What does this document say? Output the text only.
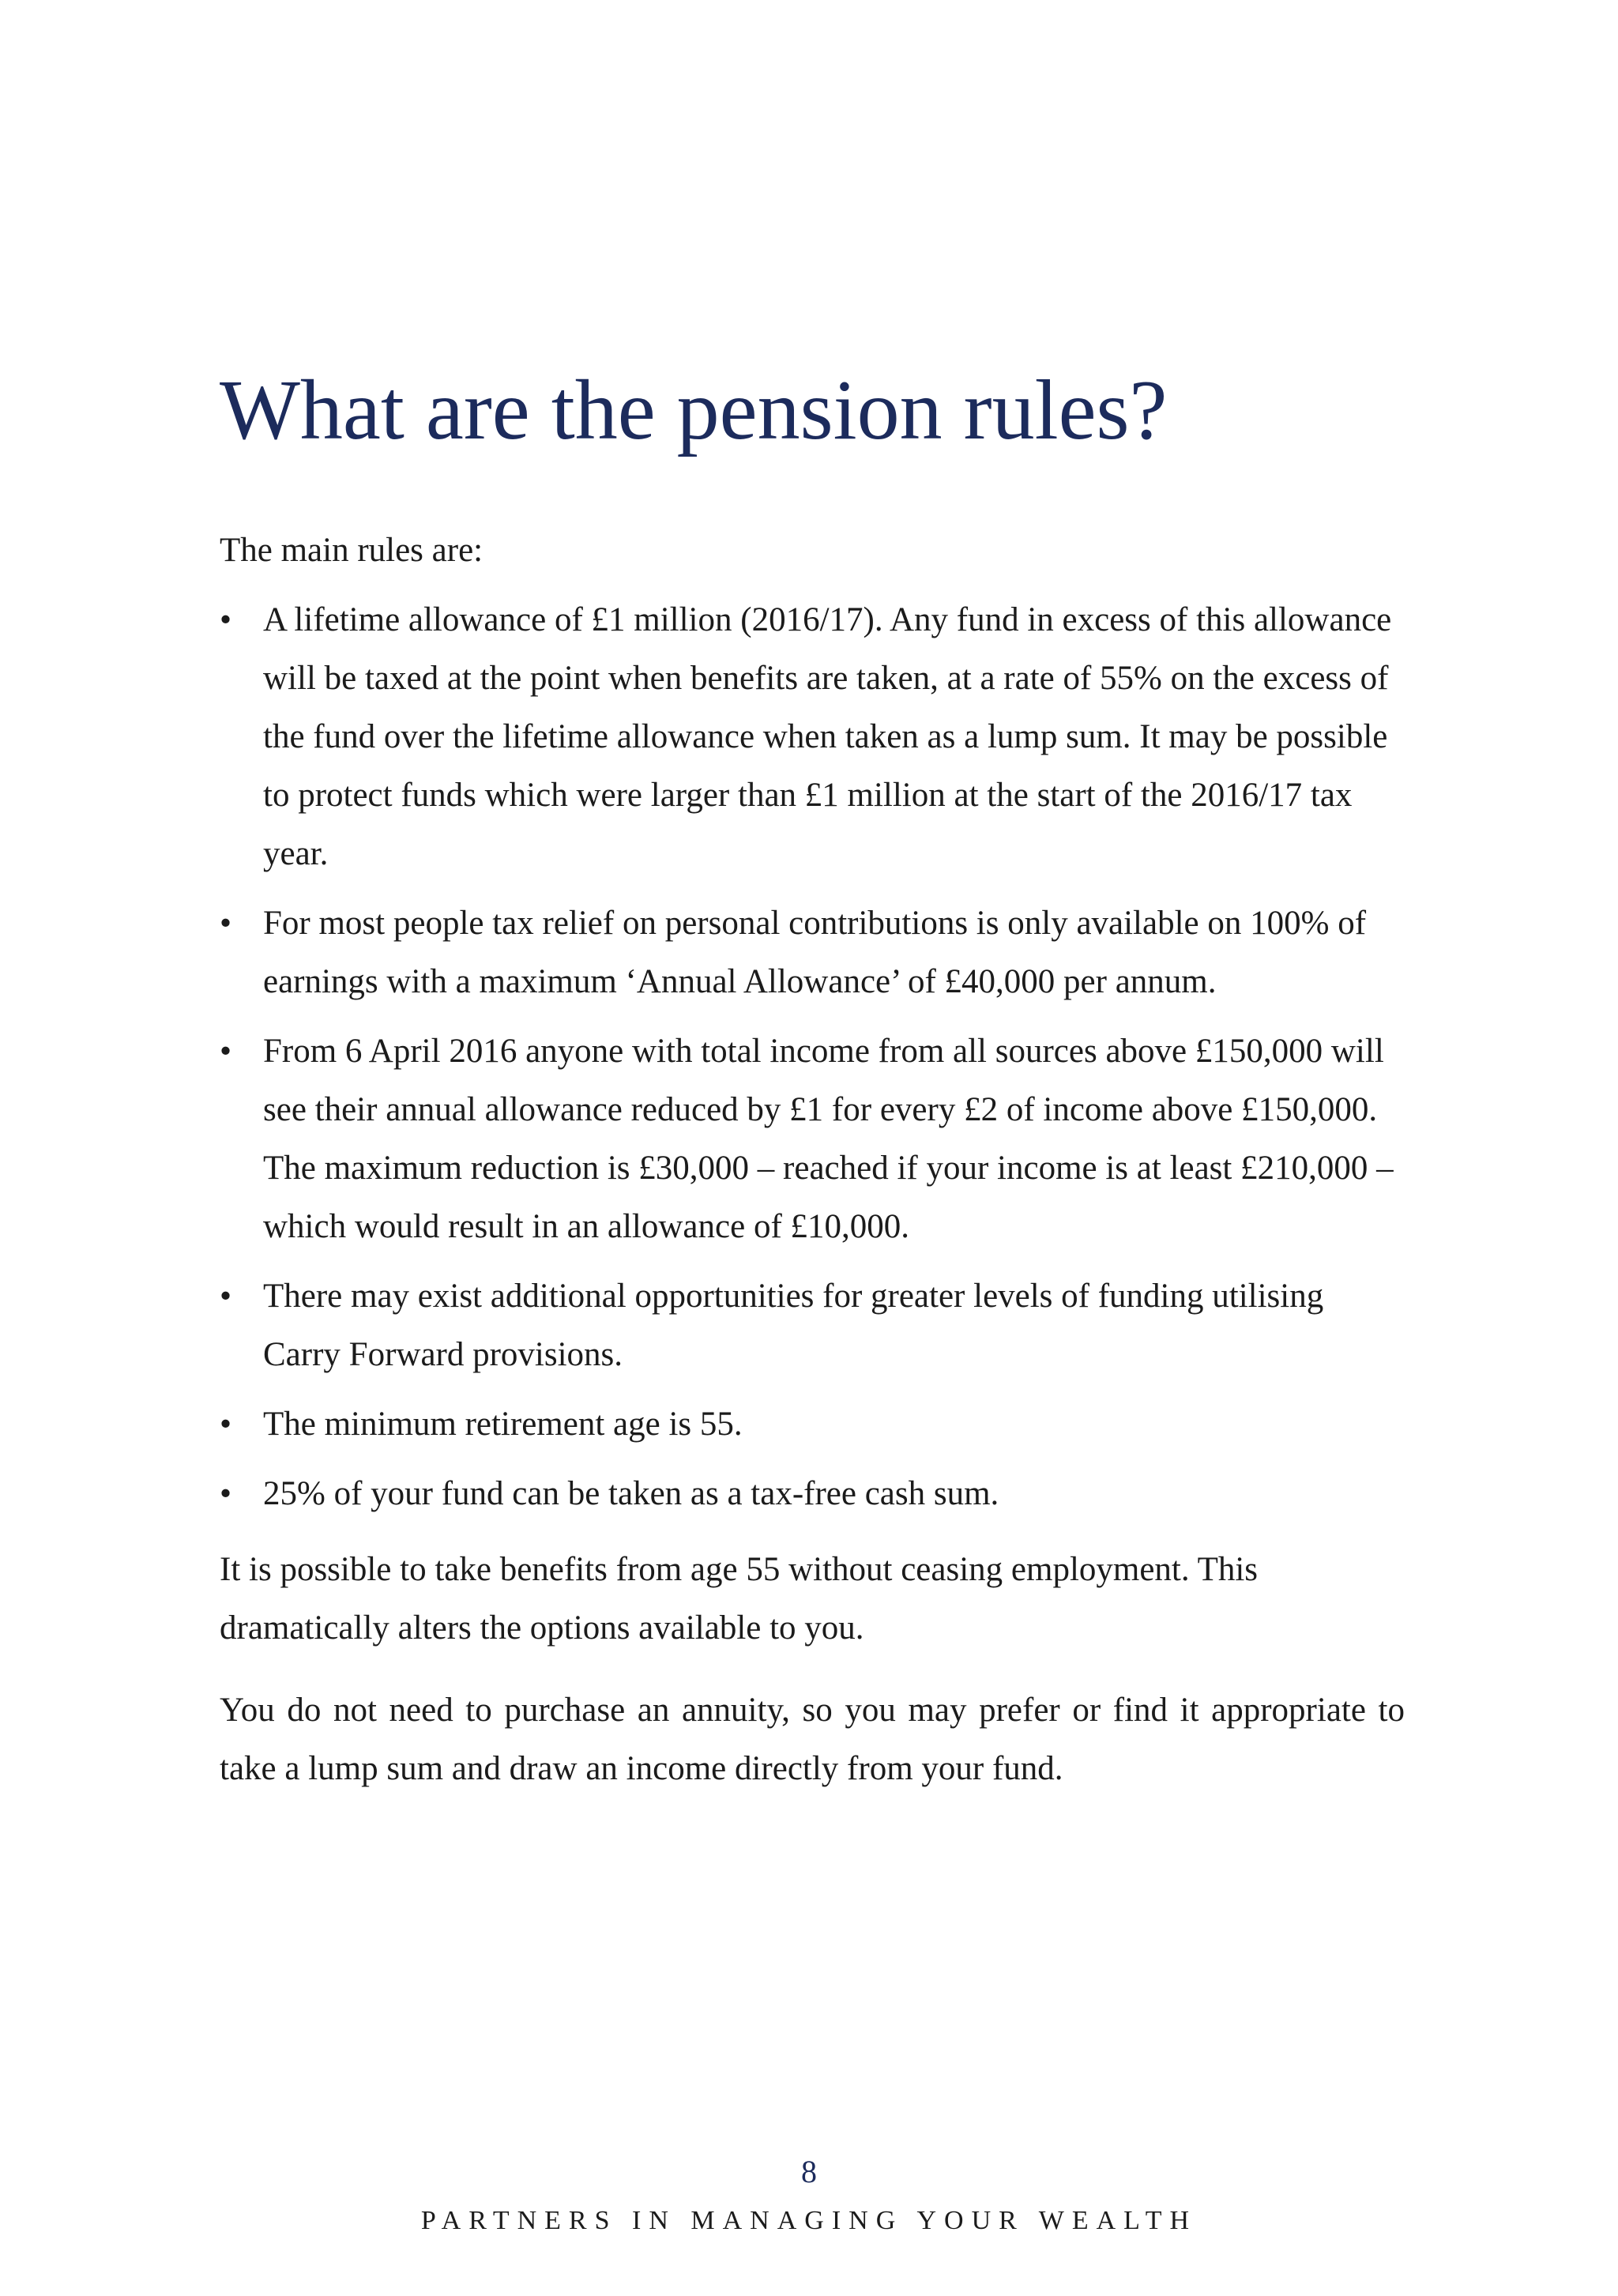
What are the pension rules?

The main rules are:

• A lifetime allowance of £1 million (2016/17). Any fund in excess of this allowance will be taxed at the point when benefits are taken, at a rate of 55% on the excess of the fund over the lifetime allowance when taken as a lump sum. It may be possible to protect funds which were larger than £1 million at the start of the 2016/17 tax year.
• For most people tax relief on personal contributions is only available on 100% of earnings with a maximum ‘Annual Allowance’ of £40,000 per annum.
• From 6 April 2016 anyone with total income from all sources above £150,000 will see their annual allowance reduced by £1 for every £2 of income above £150,000. The maximum reduction is £30,000 – reached if your income is at least £210,000 – which would result in an allowance of £10,000.
• There may exist additional opportunities for greater levels of funding utilising Carry Forward provisions.
• The minimum retirement age is 55.
• 25% of your fund can be taken as a tax-free cash sum.

It is possible to take benefits from age 55 without ceasing employment. This dramatically alters the options available to you.

You do not need to purchase an annuity, so you may prefer or find it appropriate to take a lump sum and draw an income directly from your fund.

8
PARTNERS IN MANAGING YOUR WEALTH
